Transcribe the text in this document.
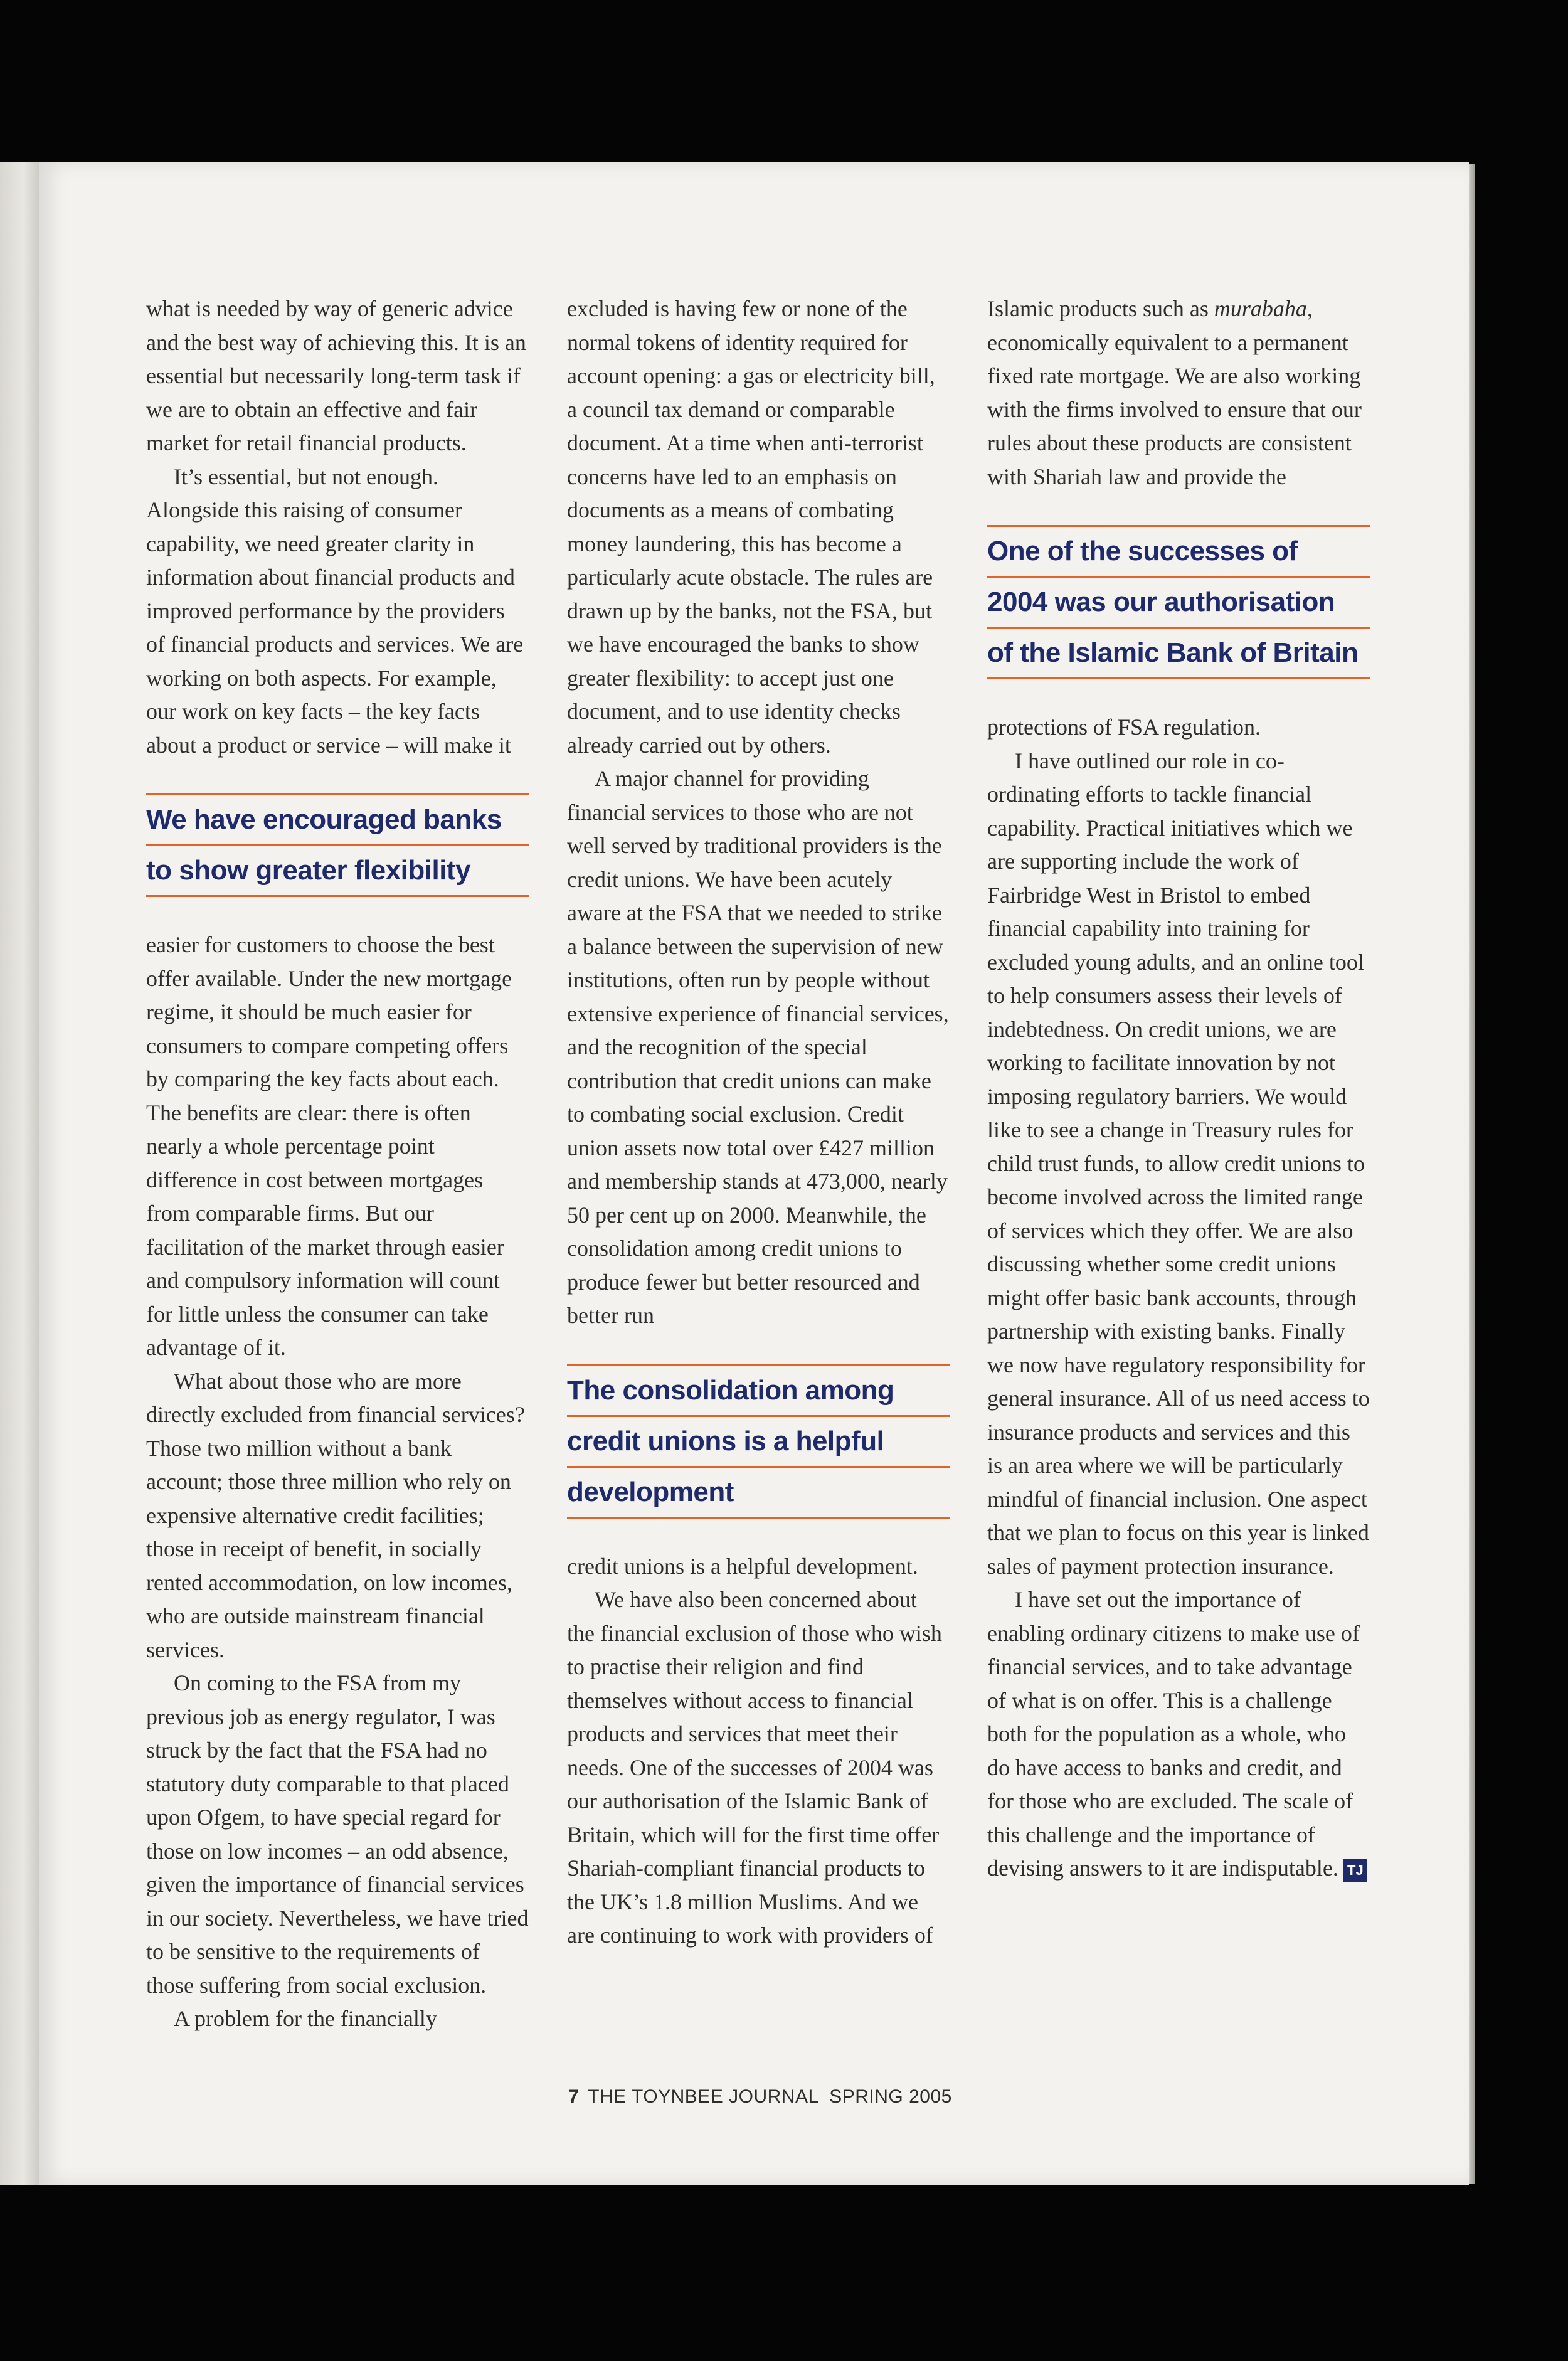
what is needed by way of generic advice and the best way of achieving this. It is an essential but necessarily long-term task if we are to obtain an effective and fair market for retail financial products.

It’s essential, but not enough. Alongside this raising of consumer capability, we need greater clarity in information about financial products and improved performance by the providers of financial products and services. We are working on both aspects. For example, our work on key facts – the key facts about a product or service – will make it

We have encouraged banks
to show greater flexibility

easier for customers to choose the best offer available. Under the new mortgage regime, it should be much easier for consumers to compare competing offers by comparing the key facts about each. The benefits are clear: there is often nearly a whole percentage point difference in cost between mortgages from comparable firms. But our facilitation of the market through easier and compulsory information will count for little unless the consumer can take advantage of it.

What about those who are more directly excluded from financial services? Those two million without a bank account; those three million who rely on expensive alternative credit facilities; those in receipt of benefit, in socially rented accommodation, on low incomes, who are outside mainstream financial services.

On coming to the FSA from my previous job as energy regulator, I was struck by the fact that the FSA had no statutory duty comparable to that placed upon Ofgem, to have special regard for those on low incomes – an odd absence, given the importance of financial services in our society. Nevertheless, we have tried to be sensitive to the requirements of those suffering from social exclusion.

A problem for the financially

excluded is having few or none of the normal tokens of identity required for account opening: a gas or electricity bill, a council tax demand or comparable document. At a time when anti-terrorist concerns have led to an emphasis on documents as a means of combating money laundering, this has become a particularly acute obstacle. The rules are drawn up by the banks, not the FSA, but we have encouraged the banks to show greater flexibility: to accept just one document, and to use identity checks already carried out by others.

A major channel for providing financial services to those who are not well served by traditional providers is the credit unions. We have been acutely aware at the FSA that we needed to strike a balance between the supervision of new institutions, often run by people without extensive experience of financial services, and the recognition of the special contribution that credit unions can make to combating social exclusion. Credit union assets now total over £427 million and membership stands at 473,000, nearly 50 per cent up on 2000. Meanwhile, the consolidation among credit unions to produce fewer but better resourced and better run

The consolidation among
credit unions is a helpful
development

credit unions is a helpful development.

We have also been concerned about the financial exclusion of those who wish to practise their religion and find themselves without access to financial products and services that meet their needs. One of the successes of 2004 was our authorisation of the Islamic Bank of Britain, which will for the first time offer Shariah-compliant financial products to the UK’s 1.8 million Muslims. And we are continuing to work with providers of

Islamic products such as murabaha, economically equivalent to a permanent fixed rate mortgage. We are also working with the firms involved to ensure that our rules about these products are consistent with Shariah law and provide the

One of the successes of
2004 was our authorisation
of the Islamic Bank of Britain

protections of FSA regulation.

I have outlined our role in co-ordinating efforts to tackle financial capability. Practical initiatives which we are supporting include the work of Fairbridge West in Bristol to embed financial capability into training for excluded young adults, and an online tool to help consumers assess their levels of indebtedness. On credit unions, we are working to facilitate innovation by not imposing regulatory barriers. We would like to see a change in Treasury rules for child trust funds, to allow credit unions to become involved across the limited range of services which they offer. We are also discussing whether some credit unions might offer basic bank accounts, through partnership with existing banks. Finally we now have regulatory responsibility for general insurance. All of us need access to insurance products and services and this is an area where we will be particularly mindful of financial inclusion. One aspect that we plan to focus on this year is linked sales of payment protection insurance.

I have set out the importance of enabling ordinary citizens to make use of financial services, and to take advantage of what is on offer. This is a challenge both for the population as a whole, who do have access to banks and credit, and for those who are excluded. The scale of this challenge and the importance of devising answers to it are indisputable. TJ

7 THE TOYNBEE JOURNAL  SPRING 2005
